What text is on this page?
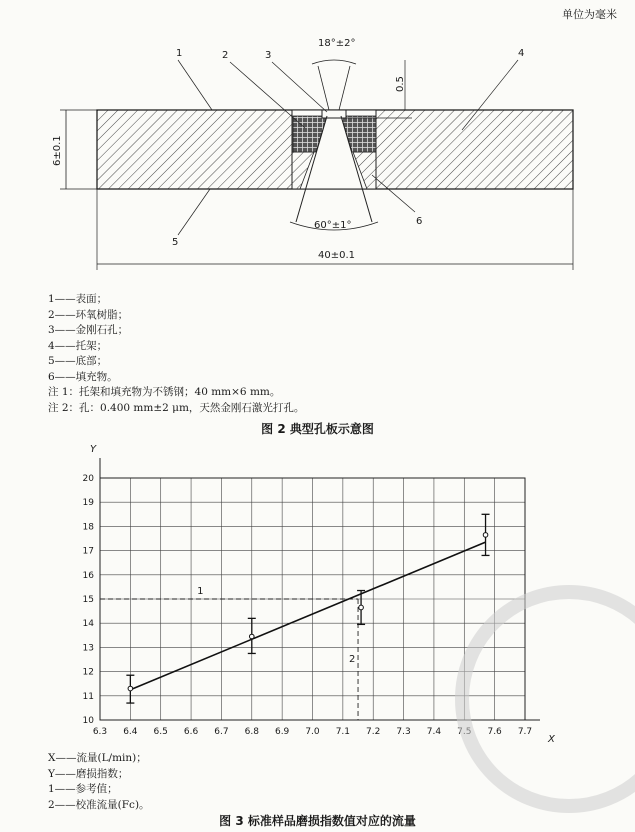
单位为毫米
1	2	3	4
5
6
18°±2°
0.5
6±0.1
60°±1°
40±0.1
1——表面；
2——环氧树脂；
3——金刚石孔；
4——托架；
5——底部；
6——填充物。
注 1：托架和填充物为不锈钢；40 mm×6 mm。
注 2：孔：0.400 mm±2 μm，天然金刚石激光打孔。
图 2 典型孔板示意图
Y
X
6.3 6.4 6.5 6.6 6.7 6.8 6.9 7.0 7.1 7.2 7.3 7.4 7.5 7.6 7.7
10
11
12
13
14
15
16
17
18
19
20
1
2
X——流量(L/min)；
Y——磨损指数；
1——参考值；
2——校准流量(Fc)。
图 3 标准样品磨损指数值对应的流量
